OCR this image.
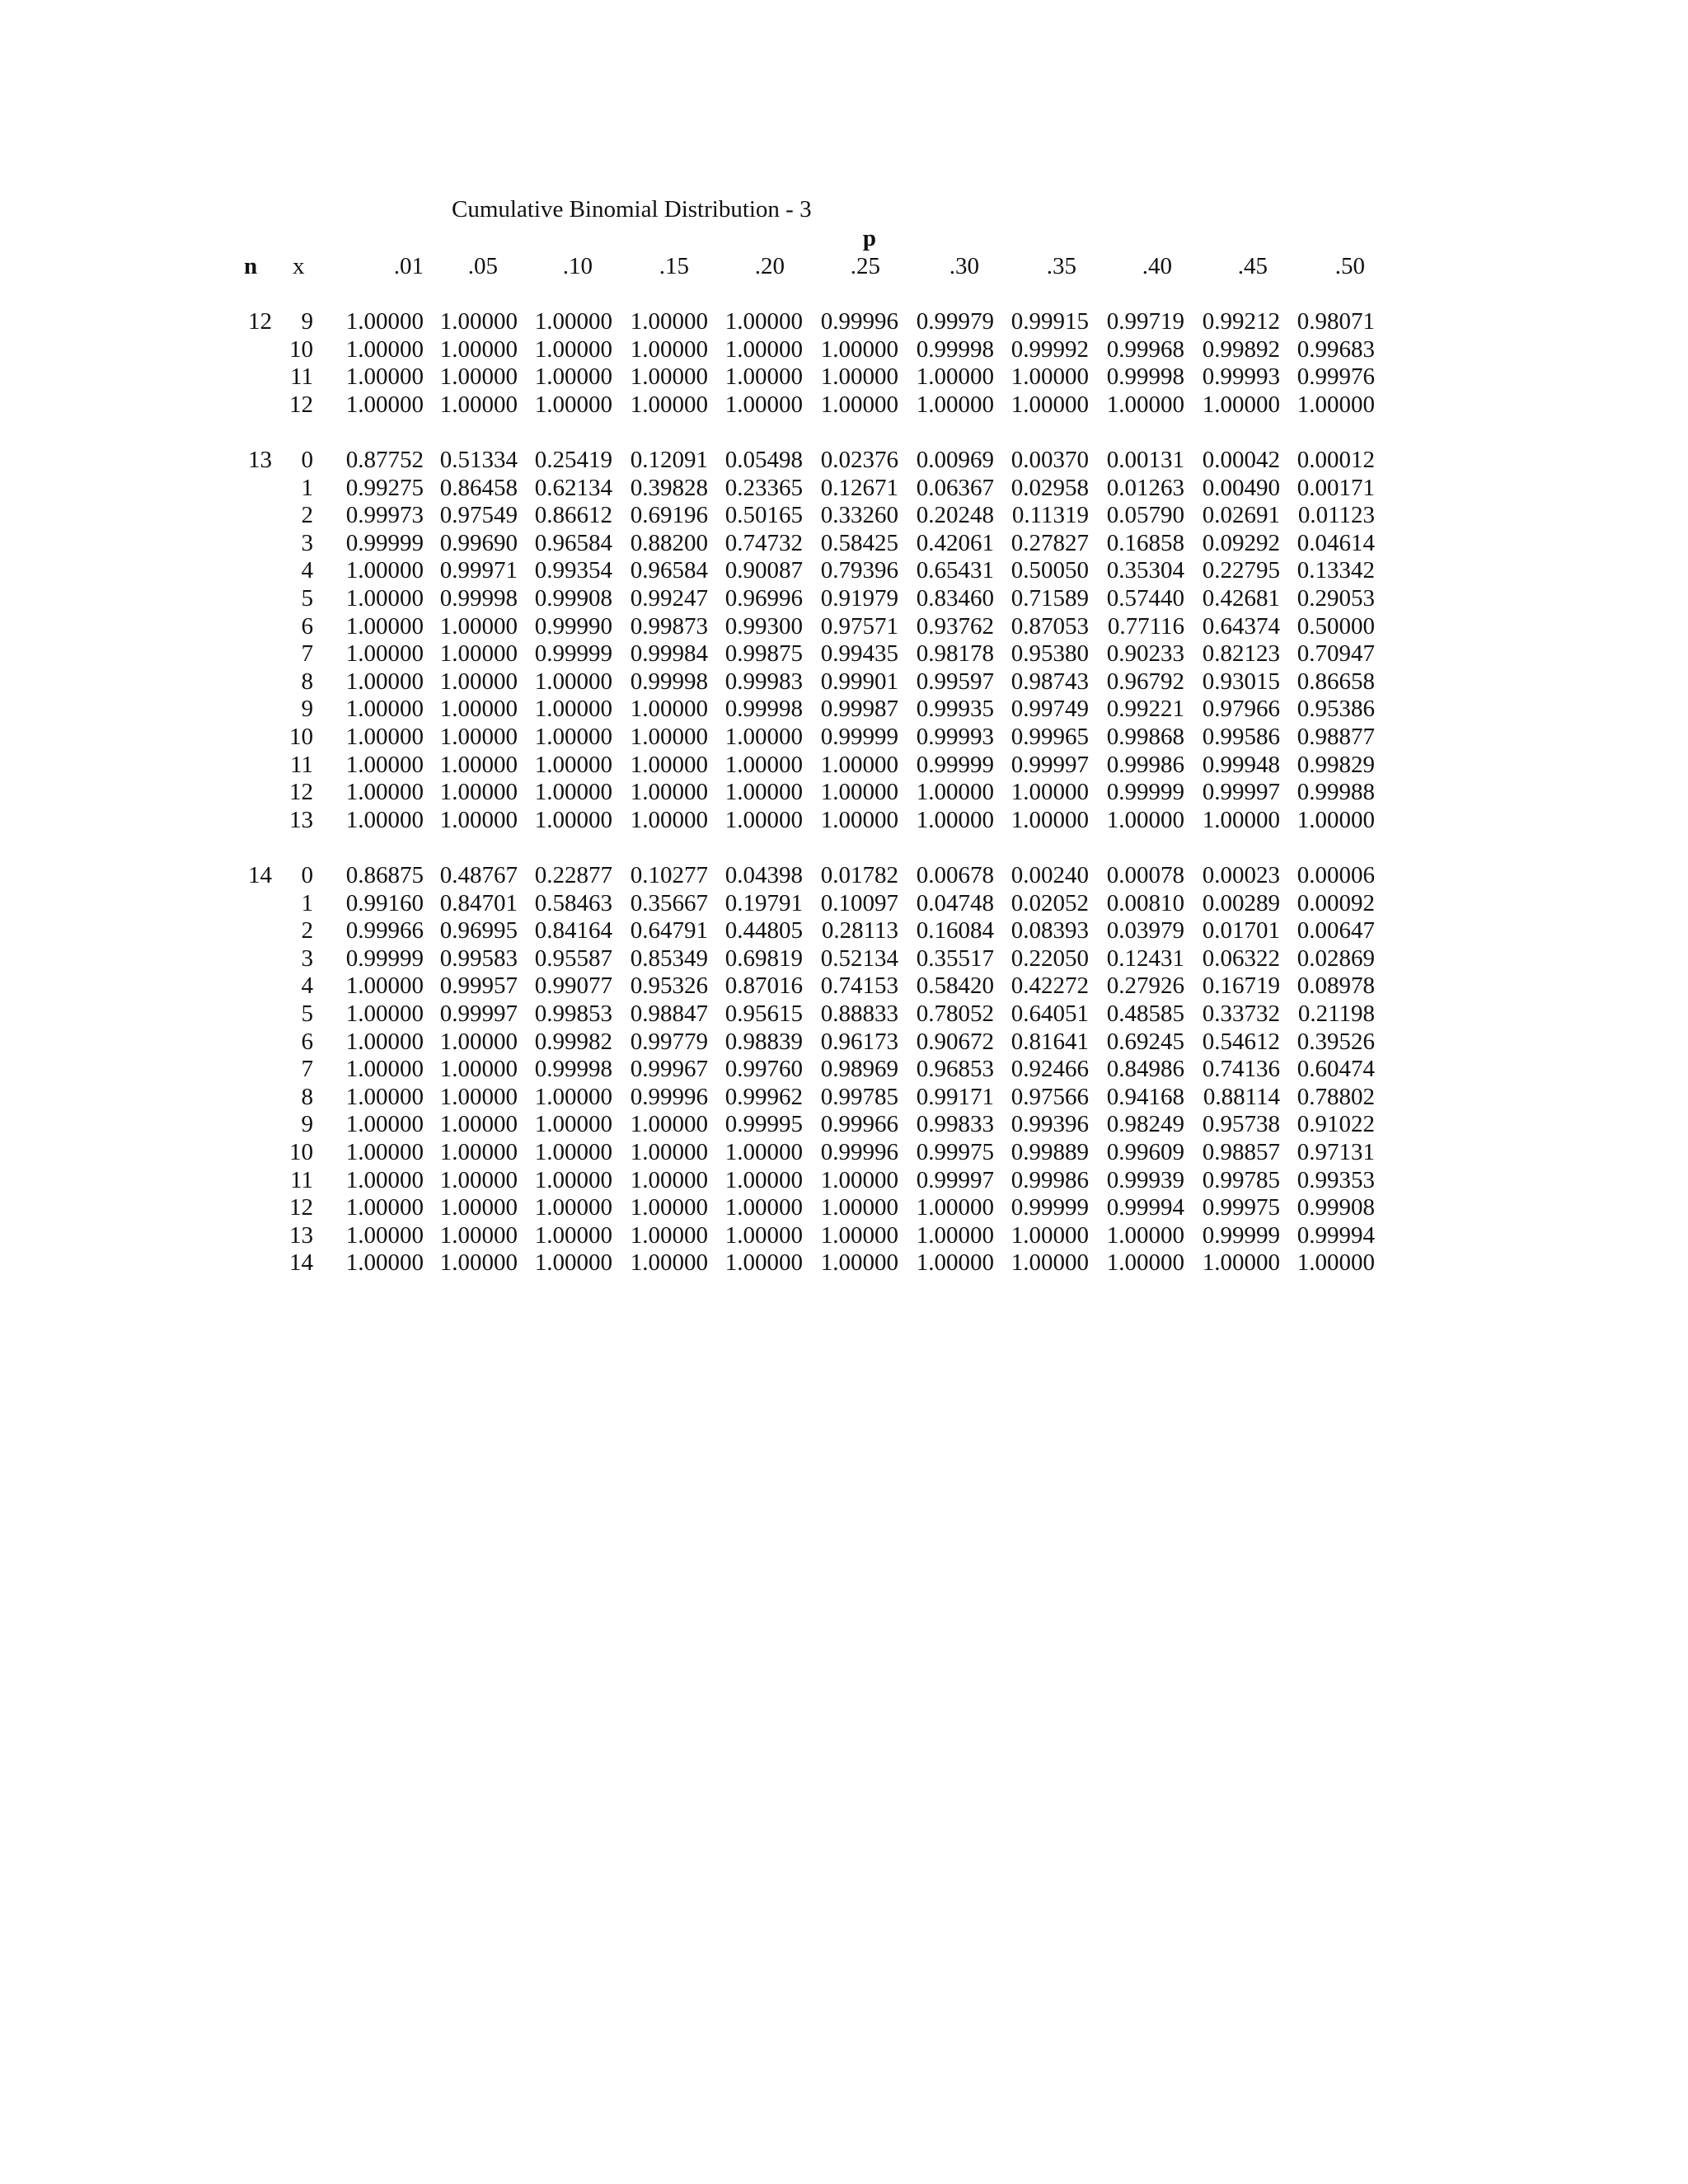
Cumulative Binomial Distribution - 3
p
n	x	.01	.05	.10	.15	.20	.25	.30	.35	.40	.45	.50
12	9	1.00000 1.00000 1.00000 1.00000 1.00000 0.99996 0.99979 0.99915 0.99719 0.99212 0.98071
10	1.00000 1.00000 1.00000 1.00000 1.00000 1.00000 0.99998 0.99992 0.99968 0.99892 0.99683
11	1.00000 1.00000 1.00000 1.00000 1.00000 1.00000 1.00000 1.00000 0.99998 0.99993 0.99976
12	1.00000 1.00000 1.00000 1.00000 1.00000 1.00000 1.00000 1.00000 1.00000 1.00000 1.00000
13	0	0.87752 0.51334 0.25419 0.12091 0.05498 0.02376 0.00969 0.00370 0.00131 0.00042 0.00012
1	0.99275 0.86458 0.62134 0.39828 0.23365 0.12671 0.06367 0.02958 0.01263 0.00490 0.00171
2	0.99973 0.97549 0.86612 0.69196 0.50165 0.33260 0.20248 0.11319 0.05790 0.02691 0.01123
3	0.99999 0.99690 0.96584 0.88200 0.74732 0.58425 0.42061 0.27827 0.16858 0.09292 0.04614
4	1.00000 0.99971 0.99354 0.96584 0.90087 0.79396 0.65431 0.50050 0.35304 0.22795 0.13342
5	1.00000 0.99998 0.99908 0.99247 0.96996 0.91979 0.83460 0.71589 0.57440 0.42681 0.29053
6	1.00000 1.00000 0.99990 0.99873 0.99300 0.97571 0.93762 0.87053 0.77116 0.64374 0.50000
7	1.00000 1.00000 0.99999 0.99984 0.99875 0.99435 0.98178 0.95380 0.90233 0.82123 0.70947
8	1.00000 1.00000 1.00000 0.99998 0.99983 0.99901 0.99597 0.98743 0.96792 0.93015 0.86658
9	1.00000 1.00000 1.00000 1.00000 0.99998 0.99987 0.99935 0.99749 0.99221 0.97966 0.95386
10	1.00000 1.00000 1.00000 1.00000 1.00000 0.99999 0.99993 0.99965 0.99868 0.99586 0.98877
11	1.00000 1.00000 1.00000 1.00000 1.00000 1.00000 0.99999 0.99997 0.99986 0.99948 0.99829
12	1.00000 1.00000 1.00000 1.00000 1.00000 1.00000 1.00000 1.00000 0.99999 0.99997 0.99988
13	1.00000 1.00000 1.00000 1.00000 1.00000 1.00000 1.00000 1.00000 1.00000 1.00000 1.00000
14	0	0.86875 0.48767 0.22877 0.10277 0.04398 0.01782 0.00678 0.00240 0.00078 0.00023 0.00006
1	0.99160 0.84701 0.58463 0.35667 0.19791 0.10097 0.04748 0.02052 0.00810 0.00289 0.00092
2	0.99966 0.96995 0.84164 0.64791 0.44805 0.28113 0.16084 0.08393 0.03979 0.01701 0.00647
3	0.99999 0.99583 0.95587 0.85349 0.69819 0.52134 0.35517 0.22050 0.12431 0.06322 0.02869
4	1.00000 0.99957 0.99077 0.95326 0.87016 0.74153 0.58420 0.42272 0.27926 0.16719 0.08978
5	1.00000 0.99997 0.99853 0.98847 0.95615 0.88833 0.78052 0.64051 0.48585 0.33732 0.21198
6	1.00000 1.00000 0.99982 0.99779 0.98839 0.96173 0.90672 0.81641 0.69245 0.54612 0.39526
7	1.00000 1.00000 0.99998 0.99967 0.99760 0.98969 0.96853 0.92466 0.84986 0.74136 0.60474
8	1.00000 1.00000 1.00000 0.99996 0.99962 0.99785 0.99171 0.97566 0.94168 0.88114 0.78802
9	1.00000 1.00000 1.00000 1.00000 0.99995 0.99966 0.99833 0.99396 0.98249 0.95738 0.91022
10	1.00000 1.00000 1.00000 1.00000 1.00000 0.99996 0.99975 0.99889 0.99609 0.98857 0.97131
11	1.00000 1.00000 1.00000 1.00000 1.00000 1.00000 0.99997 0.99986 0.99939 0.99785 0.99353
12	1.00000 1.00000 1.00000 1.00000 1.00000 1.00000 1.00000 0.99999 0.99994 0.99975 0.99908
13	1.00000 1.00000 1.00000 1.00000 1.00000 1.00000 1.00000 1.00000 1.00000 0.99999 0.99994
14	1.00000 1.00000 1.00000 1.00000 1.00000 1.00000 1.00000 1.00000 1.00000 1.00000 1.00000
